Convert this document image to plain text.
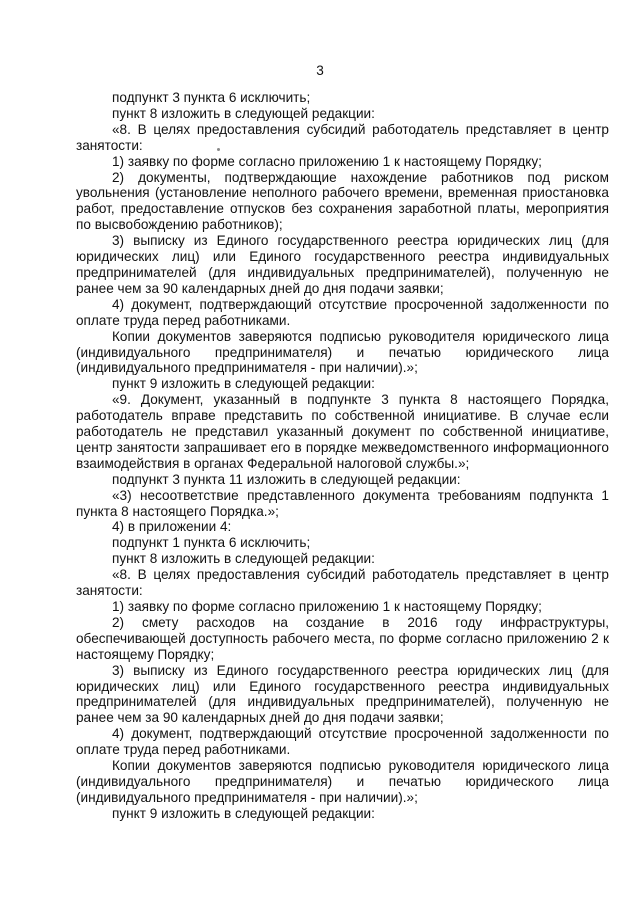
3

подпункт 3 пункта 6 исключить;

пункт 8 изложить в следующей редакции:

«8. В целях предоставления субсидий работодатель представляет в центр занятости:

1) заявку по форме согласно приложению 1 к настоящему Порядку;

2) документы, подтверждающие нахождение работников под риском увольнения (установление неполного рабочего времени, временная приостановка работ, предоставление отпусков без сохранения заработной платы, мероприятия по высвобождению работников);

3) выписку из Единого государственного реестра юридических лиц (для юридических лиц) или Единого государственного реестра индивидуальных предпринимателей (для индивидуальных предпринимателей), полученную не ранее чем за 90 календарных дней до дня подачи заявки;

4) документ, подтверждающий отсутствие просроченной задолженности по оплате труда перед работниками.

Копии документов заверяются подписью руководителя юридического лица (индивидуального предпринимателя) и печатью юридического лица (индивидуального предпринимателя - при наличии).»;

пункт 9 изложить в следующей редакции:

«9. Документ, указанный в подпункте 3 пункта 8 настоящего Порядка, работодатель вправе представить по собственной инициативе. В случае если работодатель не представил указанный документ по собственной инициативе, центр занятости запрашивает его в порядке межведомственного информационного взаимодействия в органах Федеральной налоговой службы.»;

подпункт 3 пункта 11 изложить в следующей редакции:

«3) несоответствие представленного документа требованиям подпункта 1 пункта 8 настоящего Порядка.»;

4) в приложении 4:

подпункт 1 пункта 6 исключить;

пункт 8 изложить в следующей редакции:

«8. В целях предоставления субсидий работодатель представляет в центр занятости:

1) заявку по форме согласно приложению 1 к настоящему Порядку;

2) смету расходов на создание в 2016 году инфраструктуры, обеспечивающей доступность рабочего места, по форме согласно приложению 2 к настоящему Порядку;

3) выписку из Единого государственного реестра юридических лиц (для юридических лиц) или Единого государственного реестра индивидуальных предпринимателей (для индивидуальных предпринимателей), полученную не ранее чем за 90 календарных дней до дня подачи заявки;

4) документ, подтверждающий отсутствие просроченной задолженности по оплате труда перед работниками.

Копии документов заверяются подписью руководителя юридического лица (индивидуального предпринимателя) и печатью юридического лица (индивидуального предпринимателя - при наличии).»;

пункт 9 изложить в следующей редакции:
